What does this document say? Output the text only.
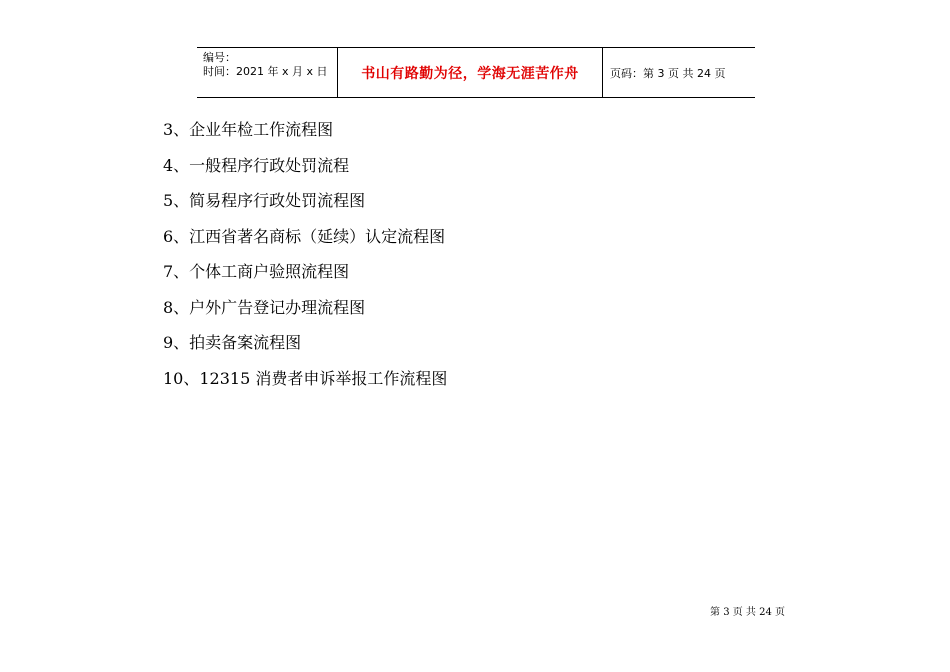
编号：
时间：2021 年 x 月 x 日 书山有路勤为径，学海无涯苦作舟	页码：第 3 页 共 24 页
3、企业年检工作流程图
4、一般程序行政处罚流程
5、简易程序行政处罚流程图
6、江西省著名商标（延续）认定流程图
7、个体工商户验照流程图
8、户外广告登记办理流程图
9、拍卖备案流程图
10、12315 消费者申诉举报工作流程图
第 3 页 共 24 页
